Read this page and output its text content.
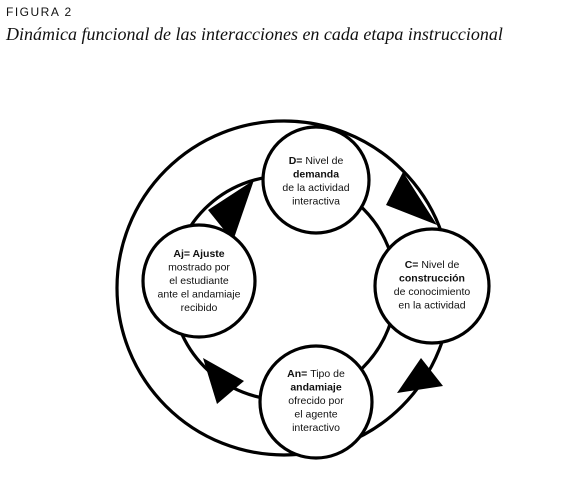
FIGURA 2
Dinámica funcional de las interacciones en cada etapa instruccional
D= Nivel de demanda de la actividad interactiva
C= Nivel de construcción de conocimiento en la actividad
An= Tipo de andamiaje ofrecido por el agente interactivo
Aj= Ajuste mostrado por el estudiante ante el andamiaje recibido
